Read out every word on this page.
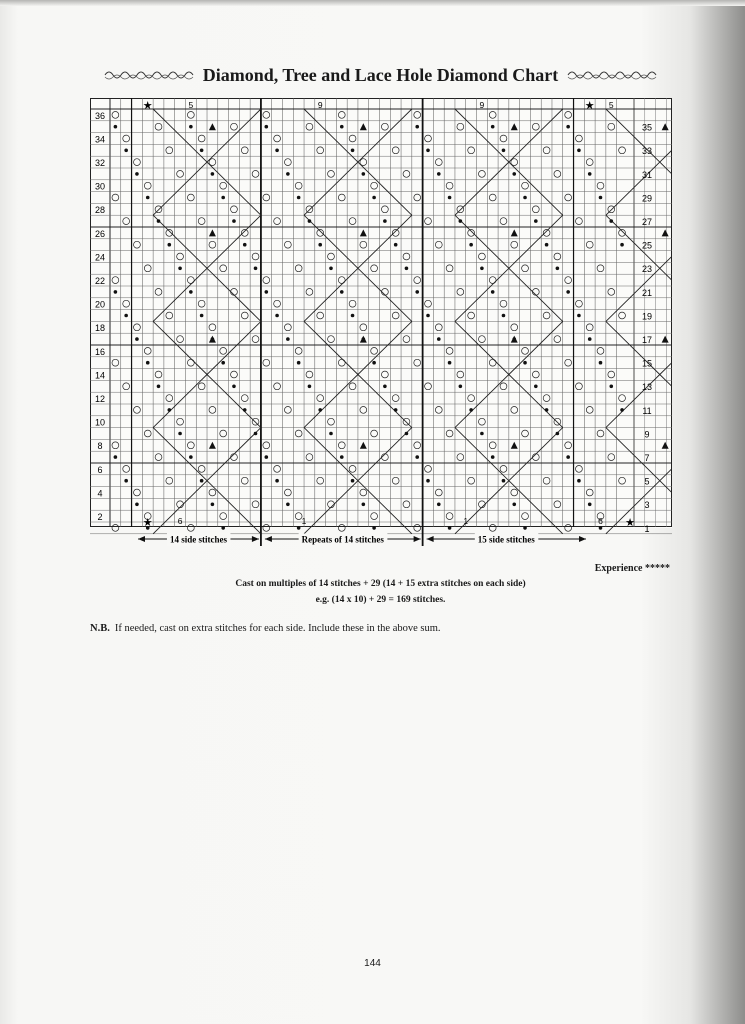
Diamond, Tree and Lace Hole Diamond Chart
★	★
★	★
36
34
32
30
28
26
24
22
20
18
16
14
12
10
8
6
4
2
35
33
31
29
27
25
23
21
19
17
15
13
11
9
7
5
3
1
5	9	9	5
6	1	1	6
14 side stitches	Repeats of 14 stitches	15 side stitches
Experience *****
Cast on multiples of 14 stitches + 29 (14 + 15 extra stitches on each side)
e.g. (14 x 10) + 29 = 169 stitches.
N.B. If needed, cast on extra stitches for each side. Include these in the above sum.
144
